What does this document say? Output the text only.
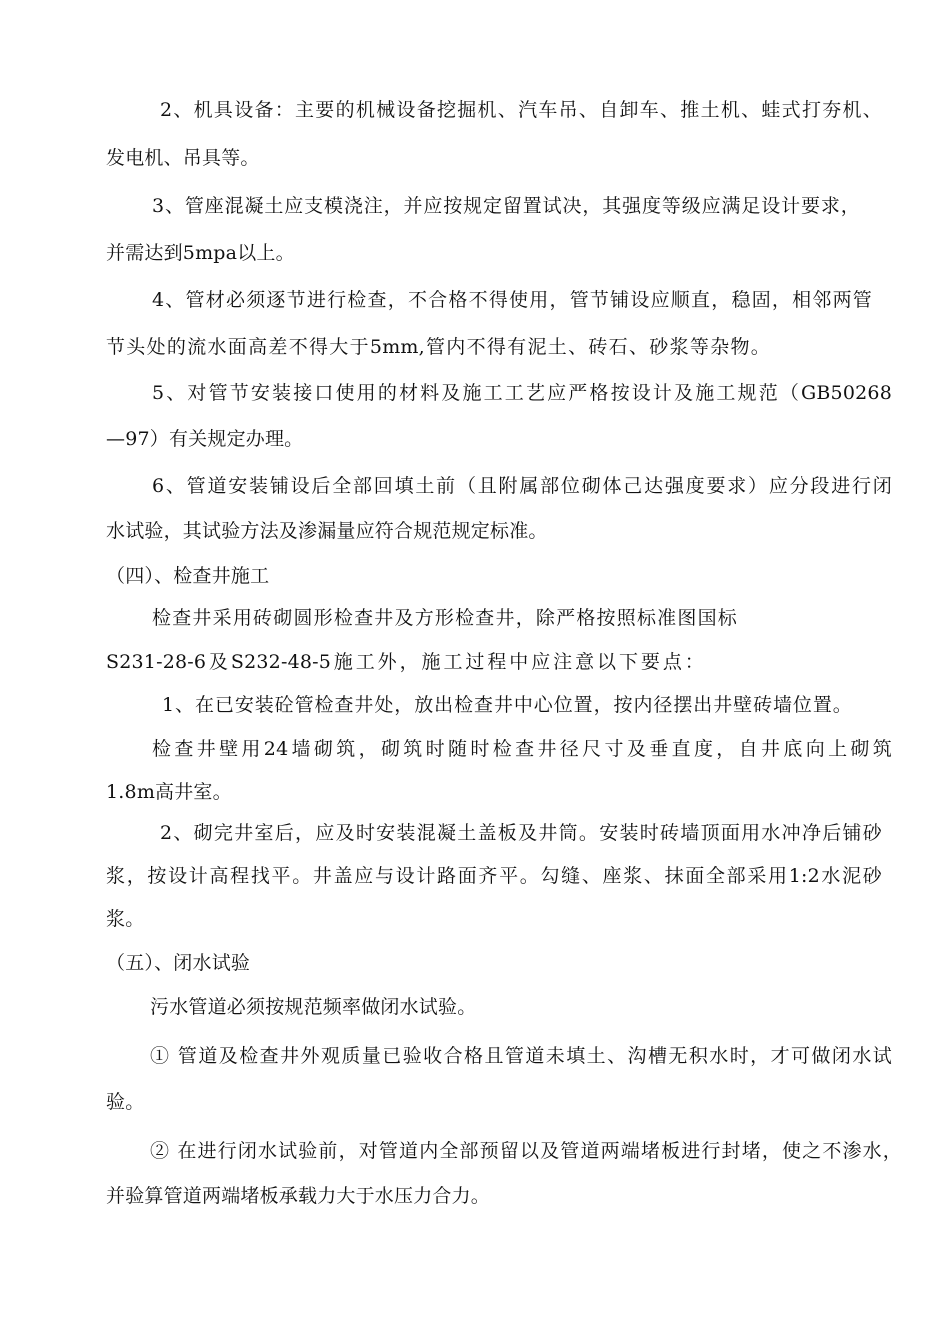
2、机具设备：主要的机械设备挖掘机、汽车吊、自卸车、推土机、蛙式打夯机、
发电机、吊具等。
3、管座混凝土应支模浇注，并应按规定留置试决，其强度等级应满足设计要求，
并需达到5mpa以上。
4、管材必须逐节进行检查，不合格不得使用，管节铺设应顺直，稳固，相邻两管
节头处的流水面高差不得大于5mm,管内不得有泥土、砖石、砂浆等杂物。
5、对管节安装接口使用的材料及施工工艺应严格按设计及施工规范（GB50268
—97）有关规定办理。
6、管道安装铺设后全部回填土前（且附属部位砌体己达强度要求）应分段进行闭
水试验，其试验方法及渗漏量应符合规范规定标准。
（四）、检查井施工
检查井采用砖砌圆形检查井及方形检查井，除严格按照标准图国标
S231-28-6及S232-48-5施工外，施工过程中应注意以下要点：
1、在已安装砼管检查井处，放出检查井中心位置，按内径摆出井壁砖墙位置。
检查井壁用24墙砌筑，砌筑时随时检查井径尺寸及垂直度，自井底向上砌筑
1.8m高井室。
2、砌完井室后，应及时安装混凝土盖板及井筒。安装时砖墙顶面用水冲净后铺砂
浆，按设计高程找平。井盖应与设计路面齐平。勾缝、座浆、抹面全部采用1:2水泥砂
浆。
（五）、闭水试验
污水管道必须按规范频率做闭水试验。
① 管道及检查井外观质量已验收合格且管道未填土、沟槽无积水时，才可做闭水试
验。
② 在进行闭水试验前，对管道内全部预留以及管道两端堵板进行封堵，使之不渗水，
并验算管道两端堵板承载力大于水压力合力。
